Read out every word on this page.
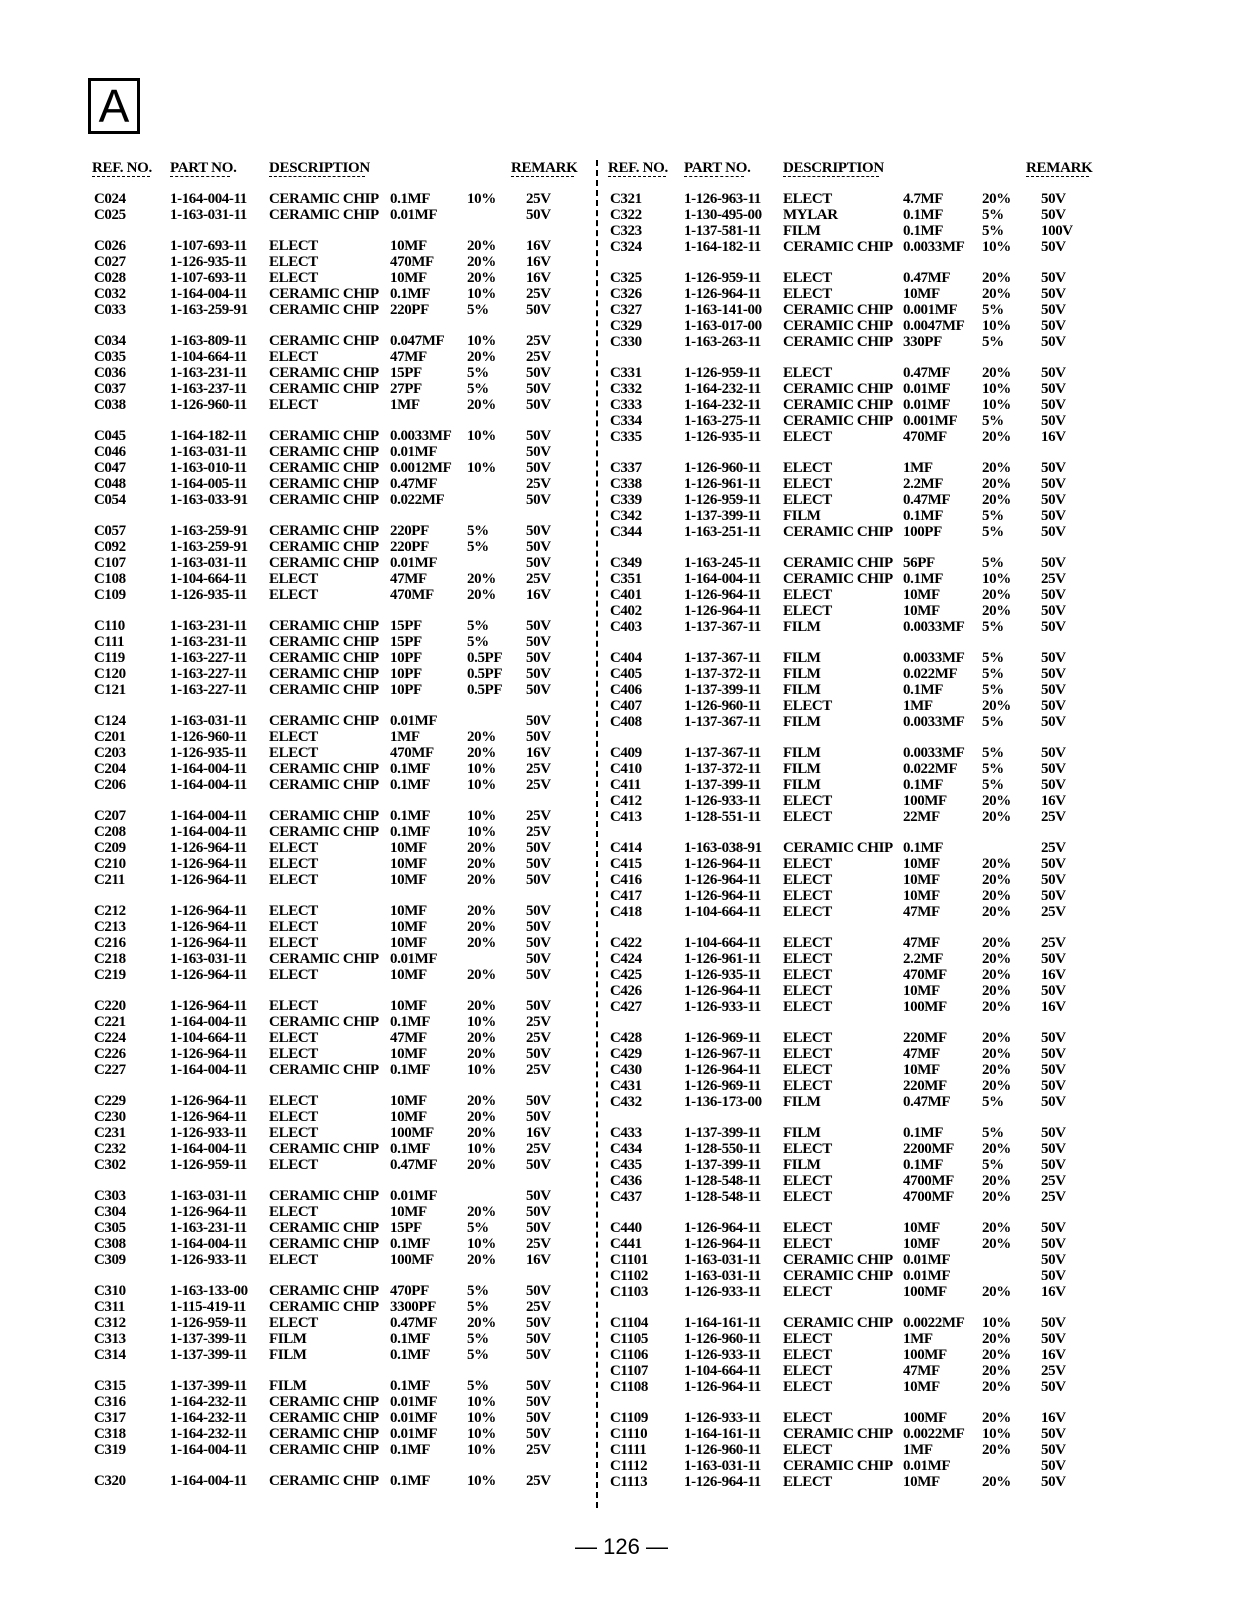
A
REF. NO. PART NO. DESCRIPTION	REMARK
C024	1-164-004-11 CERAMIC CHIP 0.1MF 10% 25V
C025	1-163-031-11 CERAMIC CHIP 0.01MF	50V
C026	1-107-693-11 ELECT	10MF	20% 16V
C027	1-126-935-11 ELECT	470MF 20% 16V
C028	1-107-693-11 ELECT	10MF	20% 16V
C032	1-164-004-11 CERAMIC CHIP 0.1MF 10% 25V
C033	1-163-259-91 CERAMIC CHIP 220PF	5% 50V
C034	1-163-809-11 CERAMIC CHIP 0.047MF 10% 25V
C035	1-104-664-11 ELECT	47MF	20% 25V
C036	1-163-231-11 CERAMIC CHIP 15PF	5% 50V
C037	1-163-237-11 CERAMIC CHIP 27PF	5% 50V
C038	1-126-960-11 ELECT	1MF	20% 50V
C045	1-164-182-11 CERAMIC CHIP 0.0033MF 10% 50V
C046	1-163-031-11 CERAMIC CHIP 0.01MF	50V
C047	1-163-010-11 CERAMIC CHIP 0.0012MF 10% 50V
C048	1-164-005-11 CERAMIC CHIP 0.47MF	25V
C054	1-163-033-91 CERAMIC CHIP 0.022MF	50V
C057	1-163-259-91 CERAMIC CHIP 220PF	5% 50V
C092	1-163-259-91 CERAMIC CHIP 220PF	5% 50V
C107	1-163-031-11 CERAMIC CHIP 0.01MF	50V
C108	1-104-664-11 ELECT	47MF	20% 25V
C109	1-126-935-11 ELECT	470MF 20% 16V
C110	1-163-231-11 CERAMIC CHIP 15PF	5% 50V
C111	1-163-231-11 CERAMIC CHIP 15PF	5% 50V
C119	1-163-227-11 CERAMIC CHIP 10PF	0.5PF 50V
C120	1-163-227-11 CERAMIC CHIP 10PF	0.5PF 50V
C121	1-163-227-11 CERAMIC CHIP 10PF	0.5PF 50V
C124	1-163-031-11 CERAMIC CHIP 0.01MF	50V
C201	1-126-960-11 ELECT	1MF	20% 50V
C203	1-126-935-11 ELECT	470MF 20% 16V
C204	1-164-004-11 CERAMIC CHIP 0.1MF 10% 25V
C206	1-164-004-11 CERAMIC CHIP 0.1MF 10% 25V
C207	1-164-004-11 CERAMIC CHIP 0.1MF 10% 25V
C208	1-164-004-11 CERAMIC CHIP 0.1MF 10% 25V
C209	1-126-964-11 ELECT	10MF	20% 50V
C210	1-126-964-11 ELECT	10MF	20% 50V
C211	1-126-964-11 ELECT	10MF	20% 50V
C212	1-126-964-11 ELECT	10MF	20% 50V
C213	1-126-964-11 ELECT	10MF	20% 50V
C216	1-126-964-11 ELECT	10MF	20% 50V
C218	1-163-031-11 CERAMIC CHIP 0.01MF	50V
C219	1-126-964-11 ELECT	10MF	20% 50V
C220	1-126-964-11 ELECT	10MF	20% 50V
C221	1-164-004-11 CERAMIC CHIP 0.1MF 10% 25V
C224	1-104-664-11 ELECT	47MF	20% 25V
C226	1-126-964-11 ELECT	10MF	20% 50V
C227	1-164-004-11 CERAMIC CHIP 0.1MF 10% 25V
C229	1-126-964-11 ELECT	10MF	20% 50V
C230	1-126-964-11 ELECT	10MF	20% 50V
C231	1-126-933-11 ELECT	100MF 20% 16V
C232	1-164-004-11 CERAMIC CHIP 0.1MF 10% 25V
C302	1-126-959-11 ELECT	0.47MF 20% 50V
C303	1-163-031-11 CERAMIC CHIP 0.01MF	50V
C304	1-126-964-11 ELECT	10MF	20% 50V
C305	1-163-231-11 CERAMIC CHIP 15PF	5% 50V
C308	1-164-004-11 CERAMIC CHIP 0.1MF 10% 25V
C309	1-126-933-11 ELECT	100MF 20% 16V
C310	1-163-133-00 CERAMIC CHIP 470PF	5% 50V
C311	1-115-419-11 CERAMIC CHIP 3300PF 5% 25V
C312	1-126-959-11 ELECT	0.47MF 20% 50V
C313	1-137-399-11 FILM	0.1MF 5% 50V
C314	1-137-399-11 FILM	0.1MF 5% 50V
C315	1-137-399-11 FILM	0.1MF 5% 50V
C316	1-164-232-11 CERAMIC CHIP 0.01MF 10% 50V
C317	1-164-232-11 CERAMIC CHIP 0.01MF 10% 50V
C318	1-164-232-11 CERAMIC CHIP 0.01MF 10% 50V
C319	1-164-004-11 CERAMIC CHIP 0.1MF 10% 25V
C320	1-164-004-11 CERAMIC CHIP 0.1MF 10% 25V
REF. NO. PART NO. DESCRIPTION	REMARK
C321	1-126-963-11 ELECT	4.7MF	20% 50V
C322	1-130-495-00 MYLAR	0.1MF	5% 50V
C323	1-137-581-11 FILM	0.1MF	5% 100V
C324	1-164-182-11 CERAMIC CHIP 0.0033MF 10% 50V
C325	1-126-959-11 ELECT	0.47MF 20% 50V
C326	1-126-964-11 ELECT	10MF	20% 50V
C327	1-163-141-00 CERAMIC CHIP 0.001MF 5% 50V
C329	1-163-017-00 CERAMIC CHIP 0.0047MF 10% 50V
C330	1-163-263-11 CERAMIC CHIP 330PF	5% 50V
C331	1-126-959-11 ELECT	0.47MF 20% 50V
C332	1-164-232-11 CERAMIC CHIP 0.01MF 10% 50V
C333	1-164-232-11 CERAMIC CHIP 0.01MF 10% 50V
C334	1-163-275-11 CERAMIC CHIP 0.001MF 5% 50V
C335	1-126-935-11 ELECT	470MF 20% 16V
C337	1-126-960-11 ELECT	1MF	20% 50V
C338	1-126-961-11 ELECT	2.2MF	20% 50V
C339	1-126-959-11 ELECT	0.47MF 20% 50V
C342	1-137-399-11 FILM	0.1MF	5% 50V
C344	1-163-251-11 CERAMIC CHIP 100PF	5% 50V
C349	1-163-245-11 CERAMIC CHIP 56PF	5% 50V
C351	1-164-004-11 CERAMIC CHIP 0.1MF	10% 25V
C401	1-126-964-11 ELECT	10MF	20% 50V
C402	1-126-964-11 ELECT	10MF	20% 50V
C403	1-137-367-11 FILM	0.0033MF 5% 50V
C404	1-137-367-11 FILM	0.0033MF 5% 50V
C405	1-137-372-11 FILM	0.022MF 5% 50V
C406	1-137-399-11 FILM	0.1MF	5% 50V
C407	1-126-960-11 ELECT	1MF	20% 50V
C408	1-137-367-11 FILM	0.0033MF 5% 50V
C409	1-137-367-11 FILM	0.0033MF 5% 50V
C410	1-137-372-11 FILM	0.022MF 5% 50V
C411	1-137-399-11 FILM	0.1MF	5% 50V
C412	1-126-933-11 ELECT	100MF 20% 16V
C413	1-128-551-11 ELECT	22MF	20% 25V
C414	1-163-038-91 CERAMIC CHIP 0.1MF	25V
C415	1-126-964-11 ELECT	10MF	20% 50V
C416	1-126-964-11 ELECT	10MF	20% 50V
C417	1-126-964-11 ELECT	10MF	20% 50V
C418	1-104-664-11 ELECT	47MF	20% 25V
C422	1-104-664-11 ELECT	47MF	20% 25V
C424	1-126-961-11 ELECT	2.2MF	20% 50V
C425	1-126-935-11 ELECT	470MF 20% 16V
C426	1-126-964-11 ELECT	10MF	20% 50V
C427	1-126-933-11 ELECT	100MF 20% 16V
C428	1-126-969-11 ELECT	220MF 20% 50V
C429	1-126-967-11 ELECT	47MF	20% 50V
C430	1-126-964-11 ELECT	10MF	20% 50V
C431	1-126-969-11 ELECT	220MF 20% 50V
C432	1-136-173-00 FILM	0.47MF 5% 50V
C433	1-137-399-11 FILM	0.1MF	5% 50V
C434	1-128-550-11 ELECT	2200MF 20% 50V
C435	1-137-399-11 FILM	0.1MF	5% 50V
C436	1-128-548-11 ELECT	4700MF 20% 25V
C437	1-128-548-11 ELECT	4700MF 20% 25V
C440	1-126-964-11 ELECT	10MF	20% 50V
C441	1-126-964-11 ELECT	10MF	20% 50V
C1101 1-163-031-11 CERAMIC CHIP 0.01MF	50V
C1102 1-163-031-11 CERAMIC CHIP 0.01MF	50V
C1103 1-126-933-11 ELECT	100MF 20% 16V
C1104 1-164-161-11 CERAMIC CHIP 0.0022MF 10% 50V
C1105 1-126-960-11 ELECT	1MF	20% 50V
C1106 1-126-933-11 ELECT	100MF 20% 16V
C1107 1-104-664-11 ELECT	47MF	20% 25V
C1108 1-126-964-11 ELECT	10MF	20% 50V
C1109 1-126-933-11 ELECT	100MF 20% 16V
C1110 1-164-161-11 CERAMIC CHIP 0.0022MF 10% 50V
C1111	1-126-960-11 ELECT	1MF	20% 50V
C1112 1-163-031-11 CERAMIC CHIP 0.01MF	50V
C1113 1-126-964-11 ELECT	10MF	20% 50V
— 126 —
